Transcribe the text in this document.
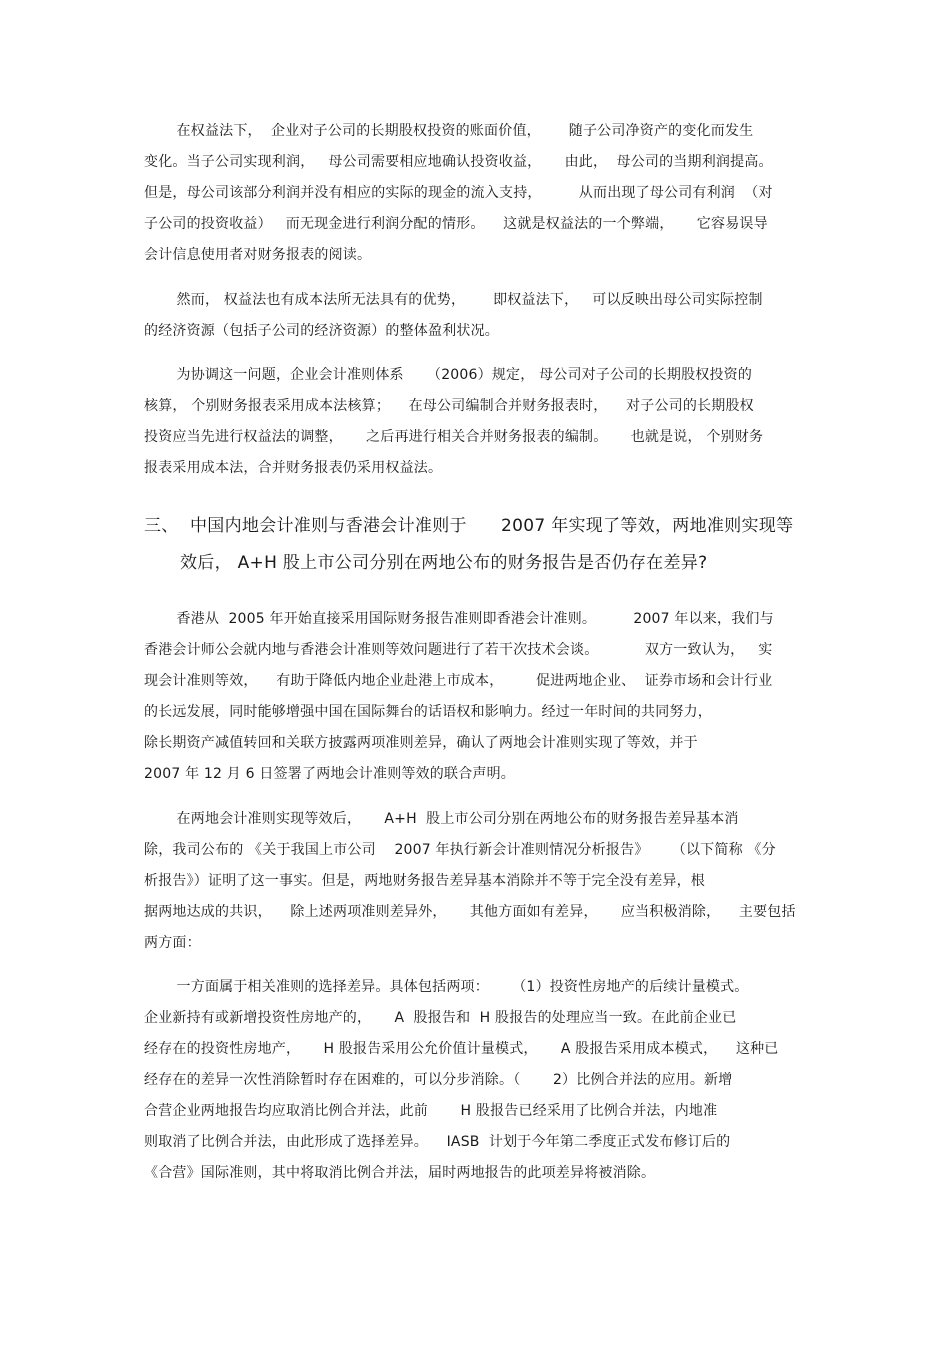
在权益法下，  企业对子公司的长期股权投资的账面价值，      随子公司净资产的变化而发生
变化。当子公司实现利润，   母公司需要相应地确认投资收益，     由此，  母公司的当期利润提高。
但是，母公司该部分利润并没有相应的实际的现金的流入支持，        从而出现了母公司有利润  （对
子公司的投资收益）   而无现金进行利润分配的情形。    这就是权益法的一个弊端，     它容易误导
会计信息使用者对财务报表的阅读。
然而， 权益法也有成本法所无法具有的优势，      即权益法下，   可以反映出母公司实际控制
的经济资源（包括子公司的经济资源）的整体盈利状况。
为协调这一问题，企业会计准则体系     （2006）规定， 母公司对子公司的长期股权投资的
核算， 个别财务报表采用成本法核算；    在母公司编制合并财务报表时，    对子公司的长期股权
投资应当先进行权益法的调整，     之后再进行相关合并财务报表的编制。     也就是说， 个别财务
报表采用成本法，合并财务报表仍采用权益法。
三、  中国内地会计准则与香港会计准则于      2007 年实现了等效，两地准则实现等
效后， A+H 股上市公司分别在两地公布的财务报告是否仍存在差异?
香港从  2005 年开始直接采用国际财务报告准则即香港会计准则。        2007 年以来，我们与
香港会计师公会就内地与香港会计准则等效问题进行了若干次技术会谈。          双方一致认为，   实
现会计准则等效，    有助于降低内地企业赴港上市成本，       促进两地企业、  证券市场和会计行业
的长远发展，同时能够增强中国在国际舞台的话语权和影响力。经过一年时间的共同努力，
除长期资产减值转回和关联方披露两项准则差异，确认了两地会计准则实现了等效，并于
2007 年 12 月 6 日签署了两地会计准则等效的联合声明。
在两地会计准则实现等效后，     A+H  股上市公司分别在两地公布的财务报告差异基本消
除，我司公布的 《关于我国上市公司    2007 年执行新会计准则情况分析报告》     （以下简称 《分
析报告》）证明了这一事实。但是，两地财务报告差异基本消除并不等于完全没有差异，根
据两地达成的共识，    除上述两项准则差异外，     其他方面如有差异，     应当积极消除，    主要包括
两方面：
一方面属于相关准则的选择差异。具体包括两项：     （1）投资性房地产的后续计量模式。
企业新持有或新增投资性房地产的，     A  股报告和  H 股报告的处理应当一致。在此前企业已
经存在的投资性房地产，     H 股报告采用公允价值计量模式，     A 股报告采用成本模式，    这种已
经存在的差异一次性消除暂时存在困难的，可以分步消除。（       2）比例合并法的应用。新增
合营企业两地报告均应取消比例合并法，此前       H 股报告已经采用了比例合并法，内地准
则取消了比例合并法，由此形成了选择差异。    IASB  计划于今年第二季度正式发布修订后的
《合营》国际准则，其中将取消比例合并法，届时两地报告的此项差异将被消除。
